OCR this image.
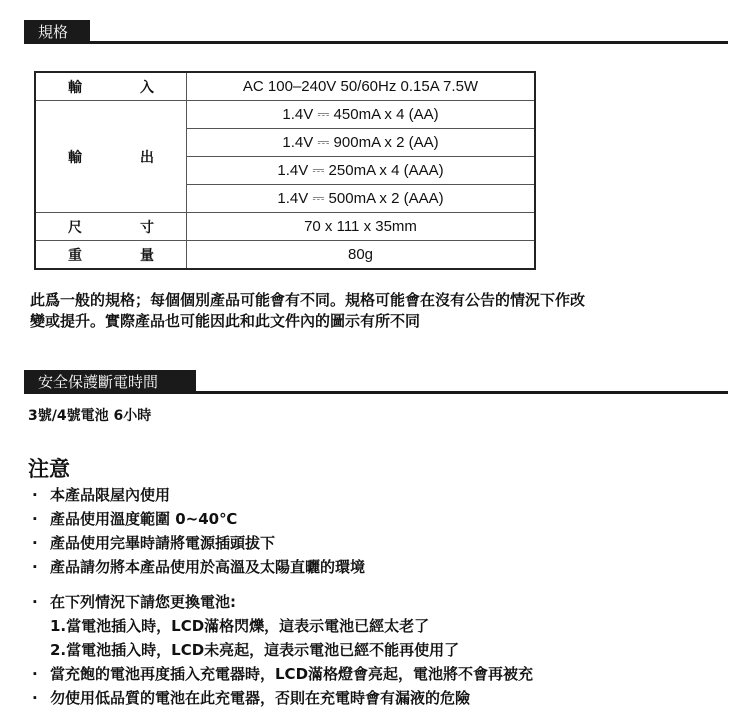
規格
輸 入	AC 100–240V 50/60Hz 0.15A 7.5W

輸 出	1.4V ⎓ 450mA x 4 (AA)
	1.4V ⎓ 900mA x 2 (AA)
	1.4V ⎓ 250mA x 4 (AAA)
	1.4V ⎓ 500mA x 2 (AAA)

尺 寸	70 x 111 x 35mm

重 量	80g
此爲一般的規格；每個個別產品可能會有不同。規格可能會在沒有公告的情況下作改
變或提升。實際產品也可能因此和此文件內的圖示有所不同
安全保護斷電時間
3號/4號電池 6小時
注意
· 本產品限屋內使用
· 產品使用溫度範圍 0~40℃
· 產品使用完畢時請將電源插頭拔下
· 產品請勿將本產品使用於高溫及太陽直曬的環境
· 在下列情況下請您更換電池:
1.當電池插入時，LCD滿格閃爍，這表示電池已經太老了
2.當電池插入時，LCD未亮起，這表示電池已經不能再使用了
· 當充飽的電池再度插入充電器時，LCD滿格燈會亮起，電池將不會再被充
· 勿使用低品質的電池在此充電器，否則在充電時會有漏液的危險
